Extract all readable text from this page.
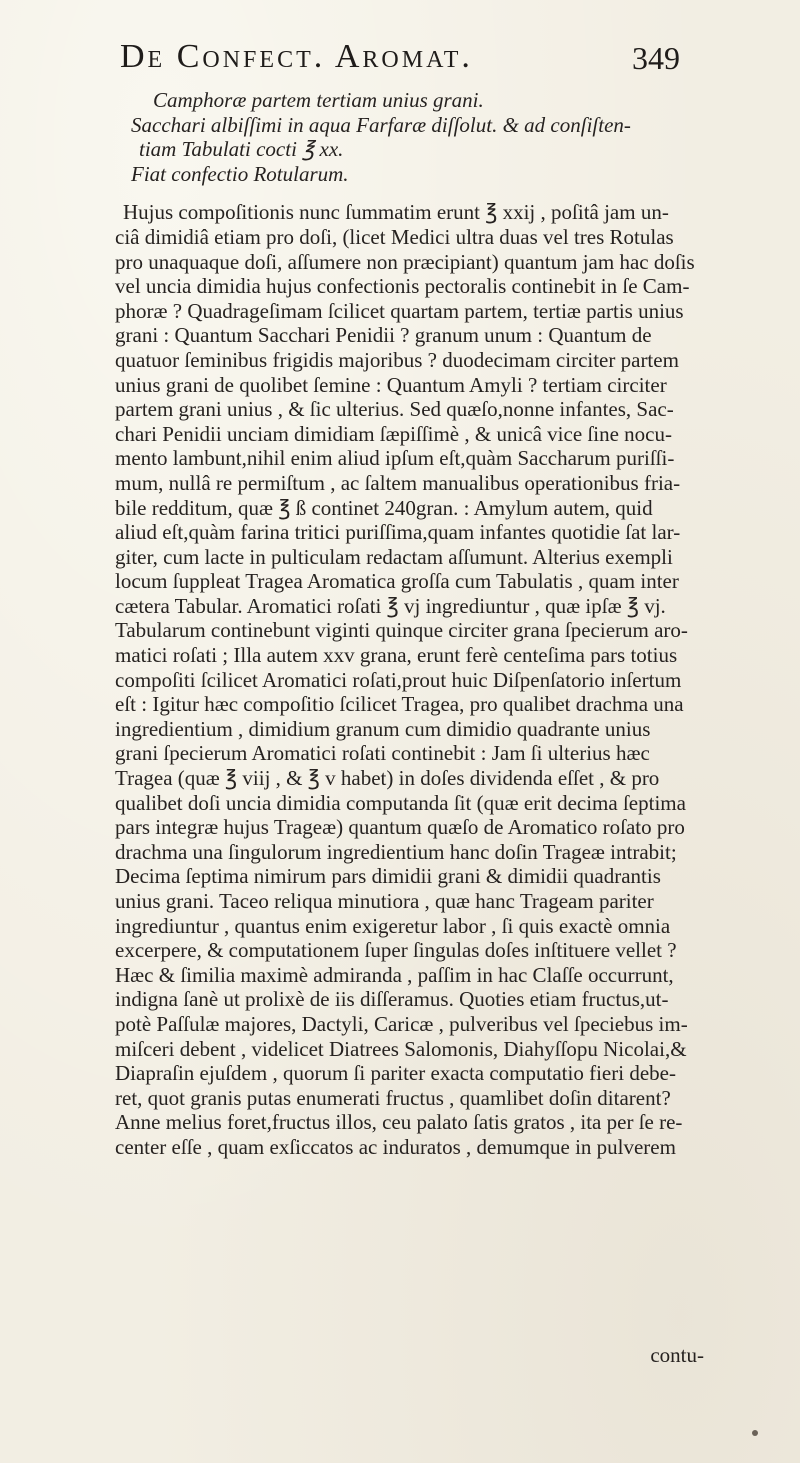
De Confect. Aromat.	349
Camphoræ partem tertiam unius grani.
Sacchari albiſſimi in aqua Farfaræ diſſolut. & ad conſiſten-
tiam Tabulati cocti ℥ xx.
Fiat confectio Rotularum.
Hujus compoſitionis nunc ſummatim erunt ℥ xxij , poſitâ jam un-
ciâ dimidiâ etiam pro doſi, (licet Medici ultra duas vel tres Rotulas
pro unaquaque doſi, aſſumere non præcipiant) quantum jam hac doſis
vel uncia dimidia hujus confectionis pectoralis continebit in ſe Cam-
phoræ ? Quadrageſimam ſcilicet quartam partem, tertiæ partis unius
grani : Quantum Sacchari Penidii ? granum unum : Quantum de
quatuor ſeminibus frigidis majoribus ? duodecimam circiter partem
unius grani de quolibet ſemine : Quantum Amyli ? tertiam circiter
partem grani unius , & ſic ulterius. Sed quæſo,nonne infantes, Sac-
chari Penidii unciam dimidiam ſæpiſſimè , & unicâ vice ſine nocu-
mento lambunt,nihil enim aliud ipſum eſt,quàm Saccharum puriſſi-
mum, nullâ re permiſtum , ac ſaltem manualibus operationibus fria-
bile redditum, quæ ℥ ß continet 240gran. : Amylum autem, quid
aliud eſt,quàm farina tritici puriſſima,quam infantes quotidie ſat lar-
giter, cum lacte in pulticulam redactam aſſumunt. Alterius exempli
locum ſuppleat Tragea Aromatica groſſa cum Tabulatis , quam inter
cætera Tabular. Aromatici roſati ℥ vj ingrediuntur , quæ ipſæ ℥ vj.
Tabularum continebunt viginti quinque circiter grana ſpecierum aro-
matici roſati ; Illa autem xxv grana, erunt ferè centeſima pars totius
compoſiti ſcilicet Aromatici roſati,prout huic Diſpenſatorio inſertum
eſt : Igitur hæc compoſitio ſcilicet Tragea, pro qualibet drachma una
ingredientium , dimidium granum cum dimidio quadrante unius
grani ſpecierum Aromatici roſati continebit : Jam ſi ulterius hæc
Tragea (quæ ℥ viij , & ℥ v habet) in doſes dividenda eſſet , & pro
qualibet doſi uncia dimidia computanda ſit (quæ erit decima ſeptima
pars integræ hujus Trageæ) quantum quæſo de Aromatico roſato pro
drachma una ſingulorum ingredientium hanc doſin Trageæ intrabit;
Decima ſeptima nimirum pars dimidii grani & dimidii quadrantis
unius grani. Taceo reliqua minutiora , quæ hanc Trageam pariter
ingrediuntur , quantus enim exigeretur labor , ſi quis exactè omnia
excerpere, & computationem ſuper ſingulas doſes inſtituere vellet ?
Hæc & ſimilia maximè admiranda , paſſim in hac Claſſe occurrunt,
indigna ſanè ut prolixè de iis diſſeramus. Quoties etiam fructus,ut-
potè Paſſulæ majores, Dactyli, Caricæ , pulveribus vel ſpeciebus im-
miſceri debent , videlicet Diatrees Salomonis, Diahyſſopu Nicolai,&
Diapraſin ejuſdem , quorum ſi pariter exacta computatio fieri debe-
ret, quot granis putas enumerati fructus , quamlibet doſin ditarent?
Anne melius foret,fructus illos, ceu palato ſatis gratos , ita per ſe re-
center eſſe , quam exſiccatos ac induratos , demumque in pulverem
contu-
